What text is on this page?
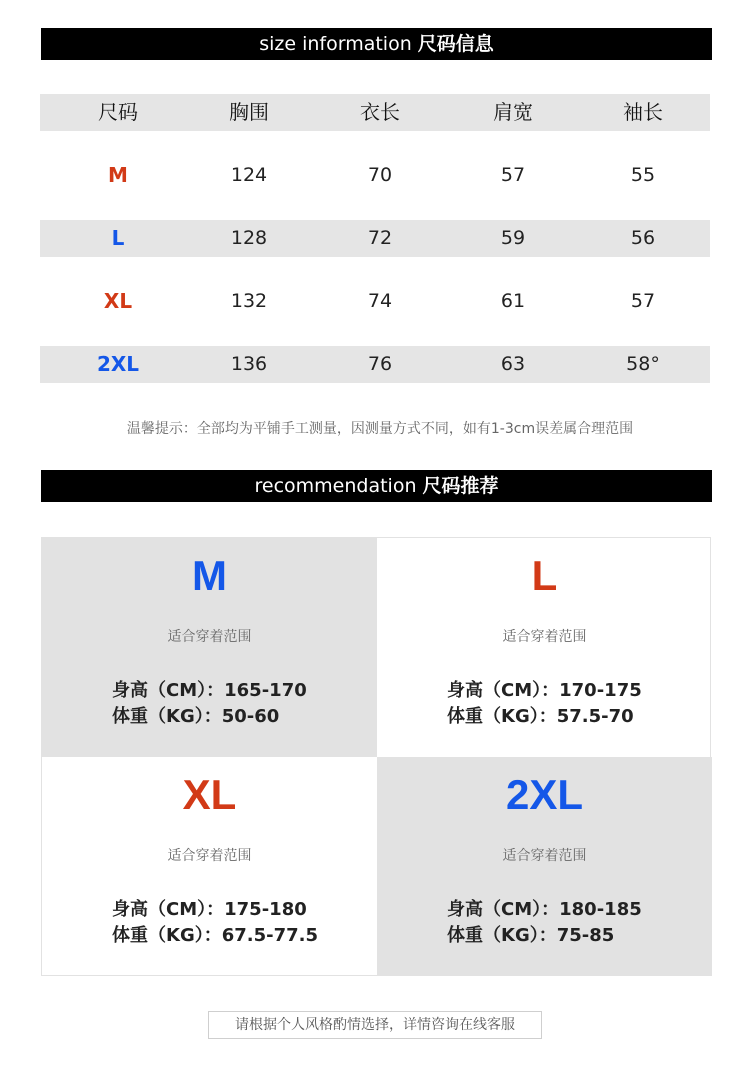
size information 尺码信息
尺码	胸围	衣长	肩宽	袖长
M	124	70	57	55
L	128	72	59	56
XL	132	74	61	57
2XL	136	76	63	58°
温馨提示：全部均为平铺手工测量，因测量方式不同，如有1-3cm误差属合理范围
recommendation 尺码推荐
M
适合穿着范围
身高（CM）：165-170
体重（KG）：50-60
L
适合穿着范围
身高（CM）：170-175
体重（KG）：57.5-70
XL
适合穿着范围
身高（CM）：175-180
体重（KG）：67.5-77.5
2XL
适合穿着范围
身高（CM）：180-185
体重（KG）：75-85
请根据个人风格酌情选择，详情咨询在线客服
